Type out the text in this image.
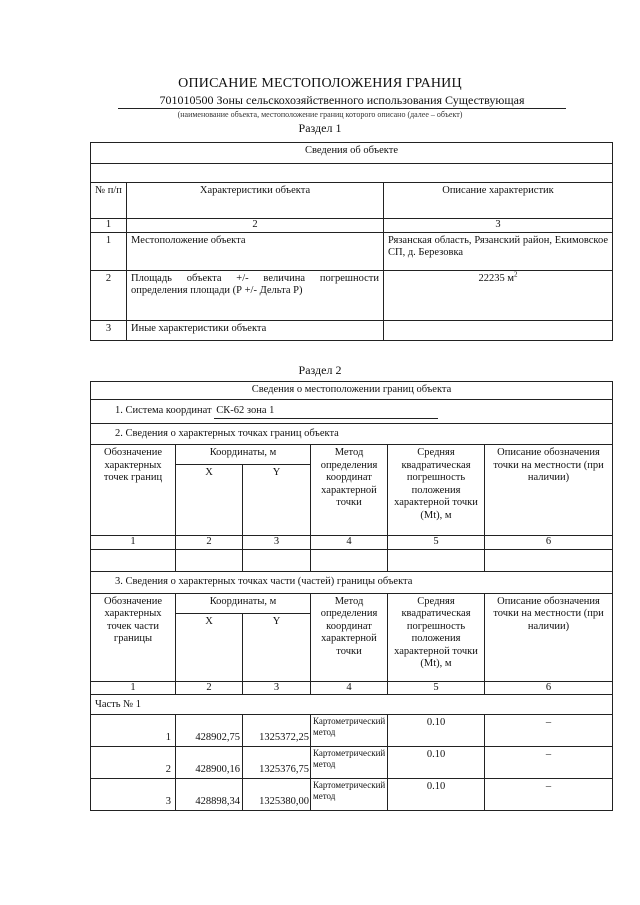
ОПИСАНИЕ МЕСТОПОЛОЖЕНИЯ ГРАНИЦ
701010500 Зоны сельскохозяйственного использования Существующая
(наименование объекта, местоположение границ которого описано (далее – объект)
Раздел 1
Сведения об объекте		

№ п/п	Характеристики объекта	Описание характеристик
1	2	3
1	Местоположение объекта	Рязанская область, Рязанский район, Екимовское СП, д. Березовка
2	Площадь объекта +/- величина погрешности определения площади (Р +/- Дельта Р)	22235 $м^2$
3	Иные характеристики объекта	
Раздел 2
Сведения о местоположении границ объекта					
1. Система координат СК-62 зона 1					
2. Сведения о характерных точках границ объекта					
Обозначение характерных точек границ	Координаты, м		Метод определения координат характерной точки	Средняя квадратическая погрешность положения характерной точки (Mt), м	Описание обозначения точки на местности (при наличии)
	X	Y			
1	2	3	4	5	6

3. Сведения о характерных точках части (частей) границы объекта					
Обозначение характерных точек части границы	Координаты, м		Метод определения координат характерной точки	Средняя квадратическая погрешность положения характерной точки (Mt), м	Описание обозначения точки на местности (при наличии)
	X	Y			
1	2	3	4	5	6
Часть № 1					
1	428902,75	1325372,25	Картометрический метод	0.10	–
2	428900,16	1325376,75	Картометрический метод	0.10	–
3	428898,34	1325380,00	Картометрический метод	0.10	–
